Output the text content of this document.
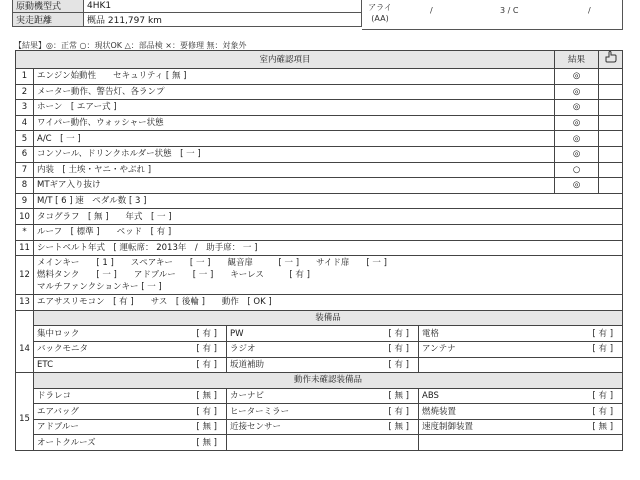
原動機型式	4HK1
実走距離	概品 211,797 km
アライ
(AA)
/	3 / C	/
【結果】◎：正常 ○：現状OK △：部品検 ×：要修理 無：対象外
室内確認項目				結果	
1	エンジン始動性　　セキュリティ [ 無 ]			◎	
2	メーター動作、警告灯、各ランプ			◎	
3	ホーン　[ エアー式 ]			◎	
4	ワイパー動作、ウォッシャー状態			◎	
5	A/C　[ 一 ]			◎	
6	コンソール、ドリンクホルダー状態　[ 一 ]			◎	
7	内装　[ 土埃・ヤニ・やぶれ ]			○	
8	MTギア入り抜け			◎	
9	M/T [ 6 ] 速　ペダル数 [ 3 ]				
10	タコグラフ　[ 無 ]　　年式　[ 一 ]				
*	ルーフ　[ 標準 ]　　ベッド　[ 有 ]				
11	シートベルト年式　[ 運転席： 2013年　/　助手席： 一 ]				
12	メインキー　　[ 1 ]　　スペアキー　　[ 一 ]　　観音扉　　　[ 一 ]　　サイド扉　　[ 一 ]
燃料タンク　　[ 一 ]　　アドブルー　　[ 一 ]　　キーレス　　　[ 有 ]
マルチファンクションキー [ 一 ]				

13	エアサスリモコン　[ 有 ]　　サス　[ 後輪 ]　　動作　[ OK ]				
	装備品				
14	集中ロック [ 有 ]	PW [ 有 ]	電格 [ 有 ]		

	バックモニタ [ 有 ]	ラジオ [ 有 ]	アンテナ [ 有 ]		

	ETC [ 有 ]	坂道補助 [ 有 ]			

	動作未確認装備品				
15	ドラレコ [ 無 ]	カーナビ [ 無 ]	ABS [ 有 ]		

	エアバッグ [ 有 ]	ヒーターミラー [ 有 ]	燃焼装置 [ 有 ]		

	アドブルー [ 無 ]	近接センサー [ 無 ]	速度制御装置 [ 無 ]		

	オートクルーズ [ 無 ]				
